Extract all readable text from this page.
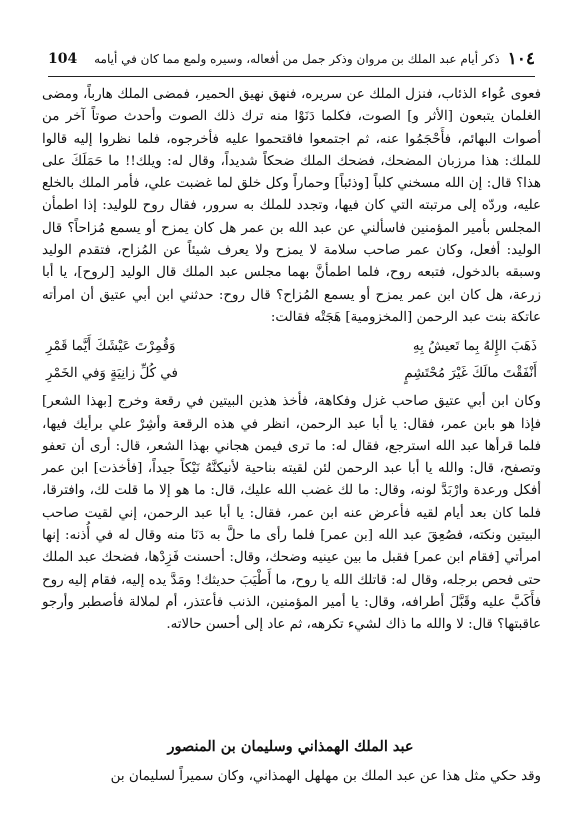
١٠٤
ذكر أيام عبد الملك بن مروان وذكر جمل من أفعاله، وسيره ولمع مما كان في أيامه
104

فعوى عُواء الذئاب، فنزل الملك عن سريره، فنهق نهيق الحمير، فمضى الملك هارباً، ومضى الغلمان يتبعون [الأثر و] الصوت، فكلما دَنَوْا منه ترك ذلك الصوت وأحدث صوتاً آخر من أصوات البهائم، فأَحْجَمُوا عنه، ثم اجتمعوا فاقتحموا عليه فأخرجوه، فلما نظروا إليه قالوا للملك: هذا مرزبان المضحك، فضحك الملك ضحكاً شديداً، وقال له: ويلك!! ما حَمَلَكَ على هذا؟ قال: إن الله مسخني كلباً [وذئباً] وحماراً وكل خلق لما غضبت علي، فأمر الملك بالخلع عليه، وردّه إلى مرتبته التي كان فيها، وتجدد للملك به سرور، فقال روح للوليد: إذا اطمأن المجلس بأمير المؤمنين فاسألني عن عبد الله بن عمر هل كان يمزح أو يسمع مُزاحاً؟ قال الوليد: أفعل، وكان عمر صاحب سلامة لا يمزح ولا يعرف شيئاً عن المُزاح، فتقدم الوليد وسبقه بالدخول، فتبعه روح، فلما اطمأنَّ بهما مجلس عبد الملك قال الوليد [لروح]، يا أبا زرعة، هل كان ابن عمر يمزح أو يسمع المُزاح؟ قال روح: حدثني ابن أبي عتيق أن امرأته عاتكة بنت عبد الرحمن [المخزومية] هَجَتْه فقالت:

ذَهَبَ الإِلهُ بِما تَعيشُ بِهِ
وَقُمِرْتَ عَيْشَكَ أَيَّما قَمْرِ
أَنْفَقْتَ مالَكَ غَيْرَ مُحْتَشِمٍ
في كُلِّ زانِيَةٍ وَفي الخَمْرِ

وكان ابن أبي عتيق صاحب غزل وفكاهة، فأخذ هذين البيتين في رقعة وخرج [بهذا الشعر] فإذا هو بابن عمر، فقال: يا أبا عبد الرحمن، انظر في هذه الرقعة وأشِرْ علي برأيك فيها، فلما قرأها عبد الله استرجع، فقال له: ما ترى فيمن هجاني بهذا الشعر، قال: أرى أن تعفو وتصفح، قال: والله يا أبا عبد الرحمن لئن لقيته بناحية لأنيكنَّهُ نَيْكاً جيداً، [فأخذت] ابن عمر أفكل ورعدة وارْبَدَّ لونه، وقال: ما لك غضب الله عليك، قال: ما هو إلا ما قلت لك، وافترقا، فلما كان بعد أيام لقيه فأعرض عنه ابن عمر، فقال: يا أبا عبد الرحمن، إني لقيت صاحب البيتين ونكته، فصُعِقَ عبد الله [بن عمر] فلما رأى ما حلَّ به دَنَا منه وقال له في أُذنه: إنها امرأتي [فقام ابن عمر] فقبل ما بين عينيه وضحك، وقال: أحسنت فَزِدْها، فضحك عبد الملك حتى فحص برجله، وقال له: قاتلك الله يا روح، ما أَطْيَبَ حديثك! ومَدَّ يده إليه، فقام إليه روح فأَكَبَّ عليه وقَبَّلَ أطرافه، وقال: يا أمير المؤمنين، الذنب فأعتذر، أم لملالة فأصطبر وأرجو عاقبتها؟ قال: لا والله ما ذاك لشيء تكرهه، ثم عاد إلى أحسن حالاته.

عبد الملك الهمذاني وسليمان بن المنصور
وقد حكي مثل هذا عن عبد الملك بن مهلهل الهمذاني، وكان سميراً لسليمان بن
